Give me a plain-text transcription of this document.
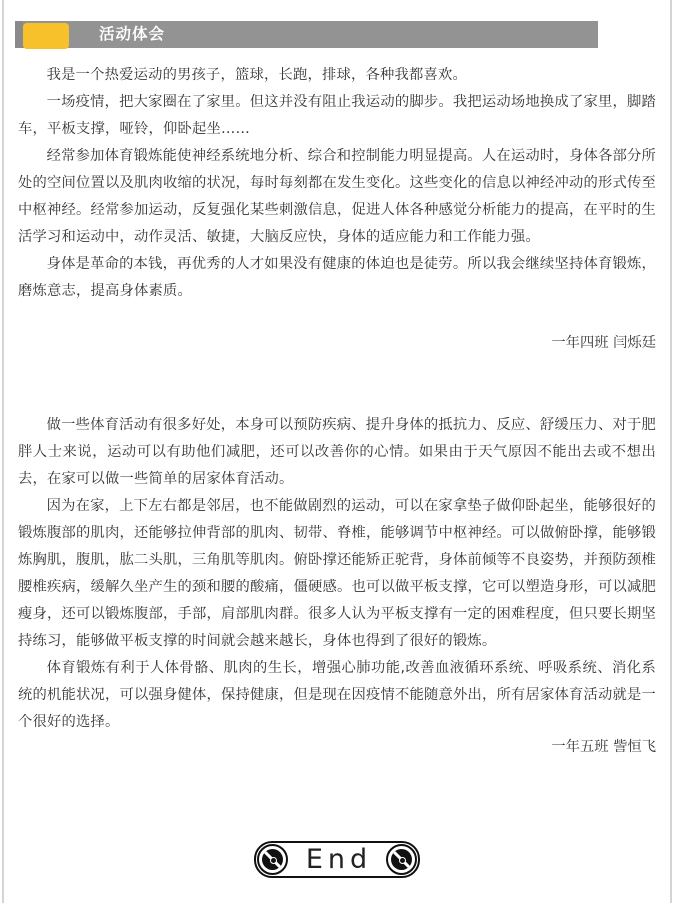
活动体会

我是一个热爱运动的男孩子，篮球，长跑，排球，各种我都喜欢。

一场疫情，把大家圈在了家里。但这并没有阻止我运动的脚步。我把运动场地换成了家里，脚踏车，平板支撑，哑铃，仰卧起坐……

经常参加体育锻炼能使神经系统地分析、综合和控制能力明显提高。人在运动时，身体各部分所处的空间位置以及肌肉收缩的状况，每时每刻都在发生变化。这些变化的信息以神经冲动的形式传至中枢神经。经常参加运动，反复强化某些刺激信息，促进人体各种感觉分析能力的提高，在平时的生活学习和运动中，动作灵活、敏捷，大脑反应快，身体的适应能力和工作能力强。

身体是革命的本钱，再优秀的人才如果没有健康的体迫也是徒劳。所以我会继续坚持体育锻炼，磨炼意志，提高身体素质。

一年四班 闫烁廷

做一些体育活动有很多好处，本身可以预防疾病、提升身体的抵抗力、反应、舒缓压力、对于肥胖人士来说，运动可以有助他们减肥，还可以改善你的心情。如果由于天气原因不能出去或不想出去，在家可以做一些简单的居家体育活动。

因为在家，上下左右都是邻居，也不能做剧烈的运动，可以在家拿垫子做仰卧起坐，能够很好的锻炼腹部的肌肉，还能够拉伸背部的肌肉、韧带、脊椎，能够调节中枢神经。可以做俯卧撑，能够锻炼胸肌，腹肌，肱二头肌，三角肌等肌肉。俯卧撑还能矫正驼背，身体前倾等不良姿势，并预防颈椎腰椎疾病，缓解久坐产生的颈和腰的酸痛，僵硬感。也可以做平板支撑，它可以塑造身形，可以减肥瘦身，还可以锻炼腹部，手部，肩部肌肉群。很多人认为平板支撑有一定的困难程度，但只要长期坚持练习，能够做平板支撑的时间就会越来越长，身体也得到了很好的锻炼。

体育锻炼有利于人体骨骼、肌肉的生长，增强心肺功能,改善血液循环系统、呼吸系统、消化系统的机能状况，可以强身健体，保持健康，但是现在因疫情不能随意外出，所有居家体育活动就是一个很好的选择。

一年五班 訾恒飞
End
